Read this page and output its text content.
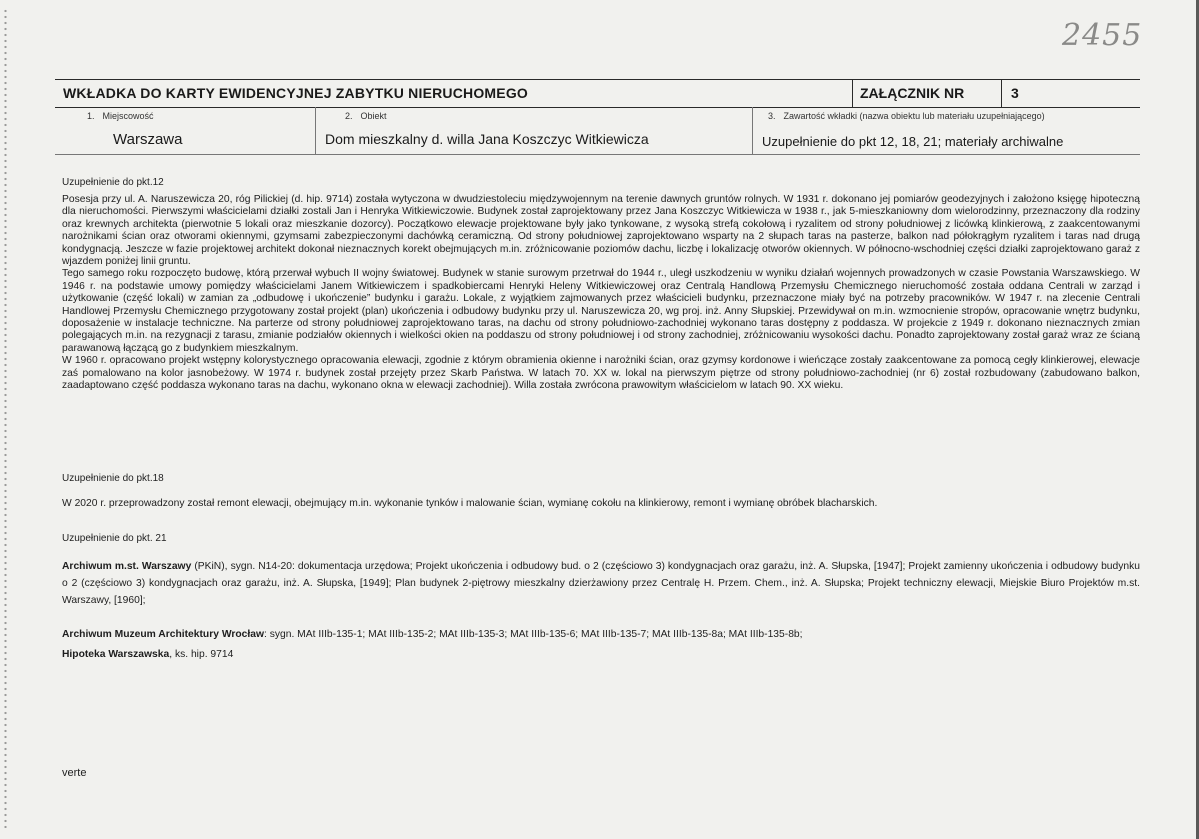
2455
WKŁADKA DO KARTY EWIDENCYJNEJ ZABYTKU NIERUCHOMEGO	ZAŁĄCZNIK NR	3
1. Miejscowość	2. Obiekt	3. Zawartość wkładki (nazwa obiektu lub materiału uzupełniającego)
Warszawa	Dom mieszkalny d. willa Jana Koszczyc Witkiewicza	Uzupełnienie do pkt 12, 18, 21; materiały archiwalne
Uzupełnienie do pkt.12

Posesja przy ul. A. Naruszewicza 20, róg Pilickiej (d. hip. 9714) została wytyczona w dwudziestoleciu międzywojennym na terenie dawnych gruntów rolnych. W 1931 r. dokonano jej pomiarów geodezyjnych i założono księgę hipoteczną dla nieruchomości. Pierwszymi właścicielami działki zostali Jan i Henryka Witkiewiczowie. Budynek został zaprojektowany przez Jana Koszczyc Witkiewicza w 1938 r., jak 5-mieszkaniowny dom wielorodzinny, przeznaczony dla rodziny oraz krewnych architekta (pierwotnie 5 lokali oraz mieszkanie dozorcy). Początkowo elewacje projektowane były jako tynkowane, z wysoką strefą cokołową i ryzalitem od strony południowej z licówką klinkierową, z zaakcentowanymi narożnikami ścian oraz otworami okiennymi, gzymsami zabezpieczonymi dachówką ceramiczną. Od strony południowej zaprojektowano wsparty na 2 słupach taras na pasterze, balkon nad półokrągłym ryzalitem i taras nad drugą kondygnacją. Jeszcze w fazie projektowej architekt dokonał nieznacznych korekt obejmujących m.in. zróżnicowanie poziomów dachu, liczbę i lokalizację otworów okiennych. W północno-wschodniej części działki zaprojektowano garaż z wjazdem poniżej linii gruntu.

Tego samego roku rozpoczęto budowę, którą przerwał wybuch II wojny światowej. Budynek w stanie surowym przetrwał do 1944 r., uległ uszkodzeniu w wyniku działań wojennych prowadzonych w czasie Powstania Warszawskiego. W 1946 r. na podstawie umowy pomiędzy właścicielami Janem Witkiewiczem i spadkobiercami Henryki Heleny Witkiewiczowej oraz Centralą Handlową Przemysłu Chemicznego nieruchomość została oddana Centrali w zarząd i użytkowanie (część lokali) w zamian za „odbudowę i ukończenie” budynku i garażu. Lokale, z wyjątkiem zajmowanych przez właścicieli budynku, przeznaczone miały być na potrzeby pracowników. W 1947 r. na zlecenie Centrali Handlowej Przemysłu Chemicznego przygotowany został projekt (plan) ukończenia i odbudowy budynku przy ul. Naruszewicza 20, wg proj. inż. Anny Słupskiej. Przewidywał on m.in. wzmocnienie stropów, opracowanie wnętrz budynku, doposażenie w instalacje techniczne. Na parterze od strony południowej zaprojektowano taras, na dachu od strony południowo-zachodniej wykonano taras dostępny z poddasza. W projekcie z 1949 r. dokonano nieznacznych zmian polegających m.in. na rezygnacji z tarasu, zmianie podziałów okiennych i wielkości okien na poddaszu od strony południowej i od strony zachodniej, zróżnicowaniu wysokości dachu. Ponadto zaprojektowany został garaż wraz ze ścianą parawanową łączącą go z budynkiem mieszkalnym.

W 1960 r. opracowano projekt wstępny kolorystycznego opracowania elewacji, zgodnie z którym obramienia okienne i narożniki ścian, oraz gzymsy kordonowe i wieńczące zostały zaakcentowane za pomocą cegły klinkierowej, elewacje zaś pomalowano na kolor jasnobeżowy. W 1974 r. budynek został przejęty przez Skarb Państwa. W latach 70. XX w. lokal na pierwszym piętrze od strony południowo-zachodniej (nr 6) został rozbudowany (zabudowano balkon, zaadaptowano część poddasza wykonano taras na dachu, wykonano okna w elewacji zachodniej). Willa została zwrócona prawowitym właścicielom w latach 90. XX wieku.

Uzupełnienie do pkt.18
W 2020 r. przeprowadzony został remont elewacji, obejmujący m.in. wykonanie tynków i malowanie ścian, wymianę cokołu na klinkierowy, remont i wymianę obróbek blacharskich.
Uzupełnienie do pkt. 21
Archiwum m.st. Warszawy (PKiN), sygn. N14-20: dokumentacja urzędowa; Projekt ukończenia i odbudowy bud. o 2 (częściowo 3) kondygnacjach oraz garażu, inż. A. Słupska, [1947]; Projekt zamienny ukończenia i odbudowy budynku o 2 (częściowo 3) kondygnacjach oraz garażu, inż. A. Słupska, [1949]; Plan budynek 2-piętrowy mieszkalny dzierżawiony przez Centralę H. Przem. Chem., inż. A. Słupska; Projekt techniczny elewacji, Miejskie Biuro Projektów m.st. Warszawy, [1960];
Archiwum Muzeum Architektury Wrocław: sygn. MAt IIIb-135-1; MAt IIIb-135-2; MAt IIIb-135-3; MAt IIIb-135-6; MAt IIIb-135-7; MAt IIIb-135-8a; MAt IIIb-135-8b;
Hipoteka Warszawska, ks. hip. 9714
verte
